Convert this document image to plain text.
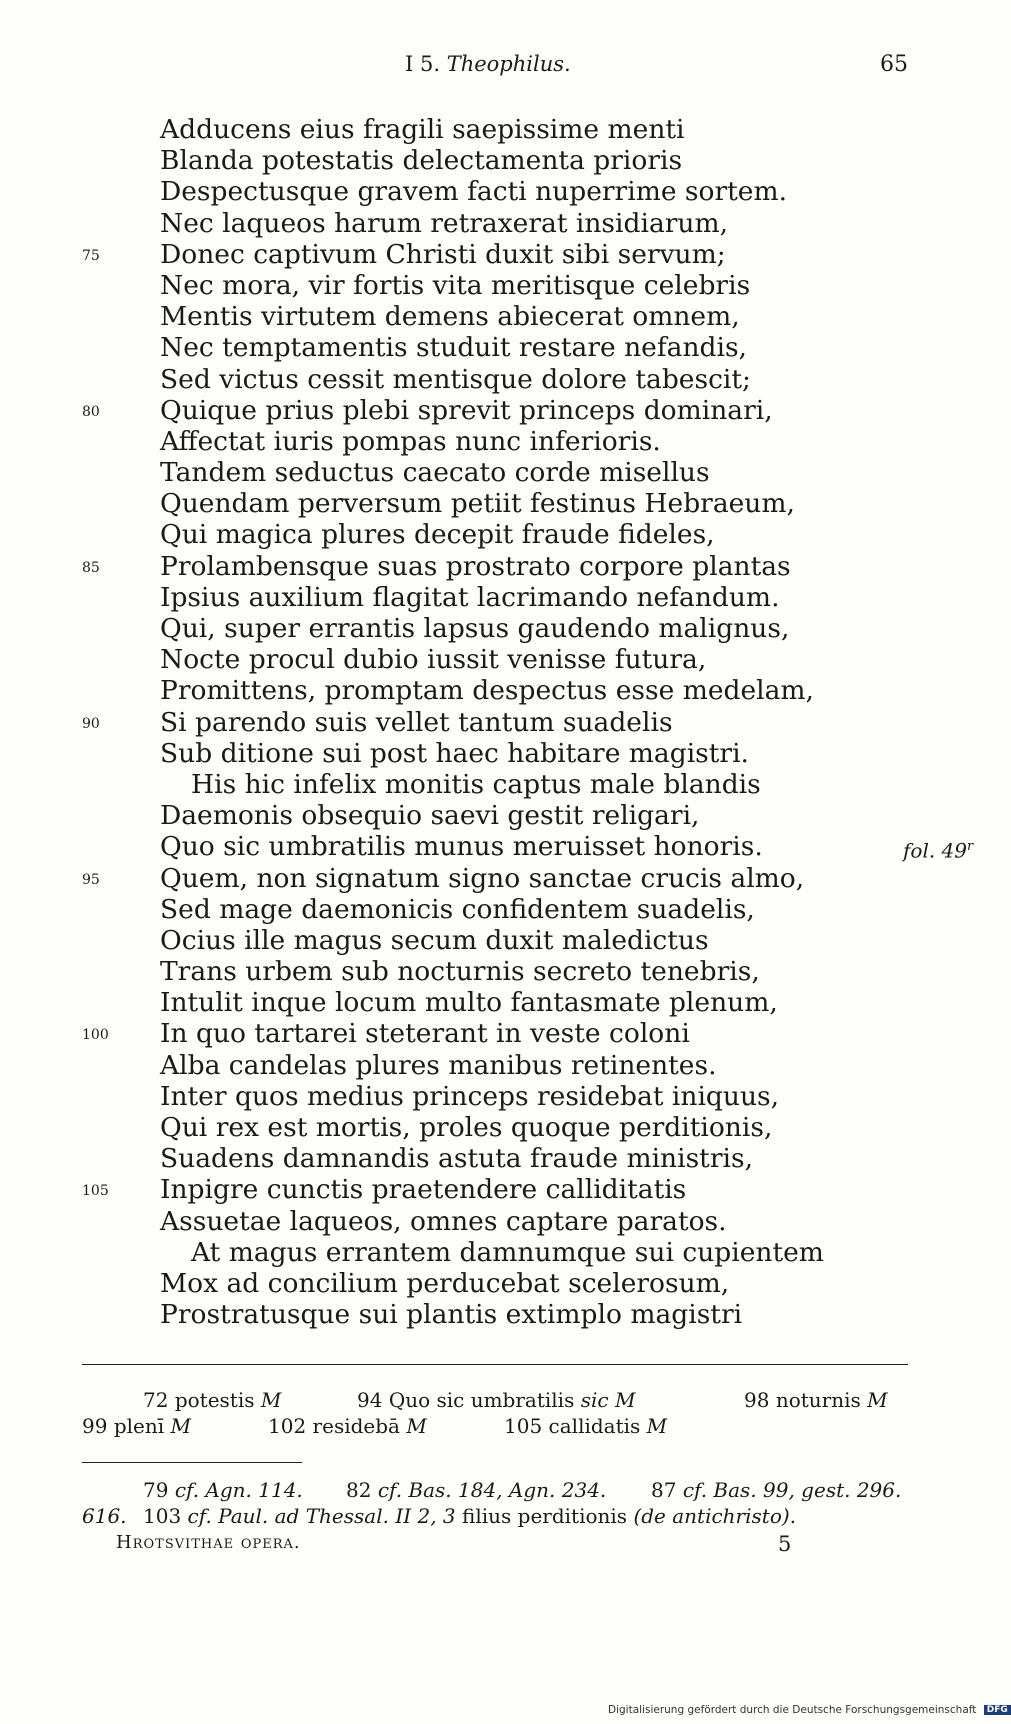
I 5. Theophilus.	65
Adducens eius fragili saepissime menti
Blanda potestatis delectamenta prioris
Despectusque gravem facti nuperrime sortem.
Nec laqueos harum retraxerat insidiarum,
75 Donec captivum Christi duxit sibi servum;
Nec mora, vir fortis vita meritisque celebris
Mentis virtutem demens abiecerat omnem,
Nec temptamentis studuit restare nefandis,
Sed victus cessit mentisque dolore tabescit;
80 Quique prius plebi sprevit princeps dominari,
Affectat iuris pompas nunc inferioris.
Tandem seductus caecato corde misellus
Quendam perversum petiit festinus Hebraeum,
Qui magica plures decepit fraude fideles,
85 Prolambensque suas prostrato corpore plantas
Ipsius auxilium flagitat lacrimando nefandum.
Qui, super errantis lapsus gaudendo malignus,
Nocte procul dubio iussit venisse futura,
Promittens, promptam despectus esse medelam,
90 Si parendo suis vellet tantum suadelis
Sub ditione sui post haec habitare magistri.
His hic infelix monitis captus male blandis
Daemonis obsequio saevi gestit religari,
Quo sic umbratilis munus meruisset honoris.	fol. 49$^r$
95 Quem, non signatum signo sanctae crucis almo,
Sed mage daemonicis confidentem suadelis,
Ocius ille magus secum duxit maledictus
Trans urbem sub nocturnis secreto tenebris,
Intulit inque locum multo fantasmate plenum,
100 In quo tartarei steterant in veste coloni
Alba candelas plures manibus retinentes.
Inter quos medius princeps residebat iniquus,
Qui rex est mortis, proles quoque perditionis,
Suadens damnandis astuta fraude ministris,
105 Inpigre cunctis praetendere calliditatis
Assuetae laqueos, omnes captare paratos.
At magus errantem damnumque sui cupientem
Mox ad concilium perducebat scelerosum,
Prostratusque sui plantis extimplo magistri
72 potestis M	94 Quo sic umbratilis sic M	98 noturnis M
99 plenī M	102 residebā M	105 callidatis M
79 cf. Agn. 114. 82 cf. Bas. 184, Agn. 234. 87 cf. Bas. 99, gest. 296.
616. 103 cf. Paul. ad Thessal. II 2, 3 filius perditionis (de antichristo).
Hrotsvithae opera.	5
Digitalisierung gefördert durch die Deutsche Forschungsgemeinschaft DFG
